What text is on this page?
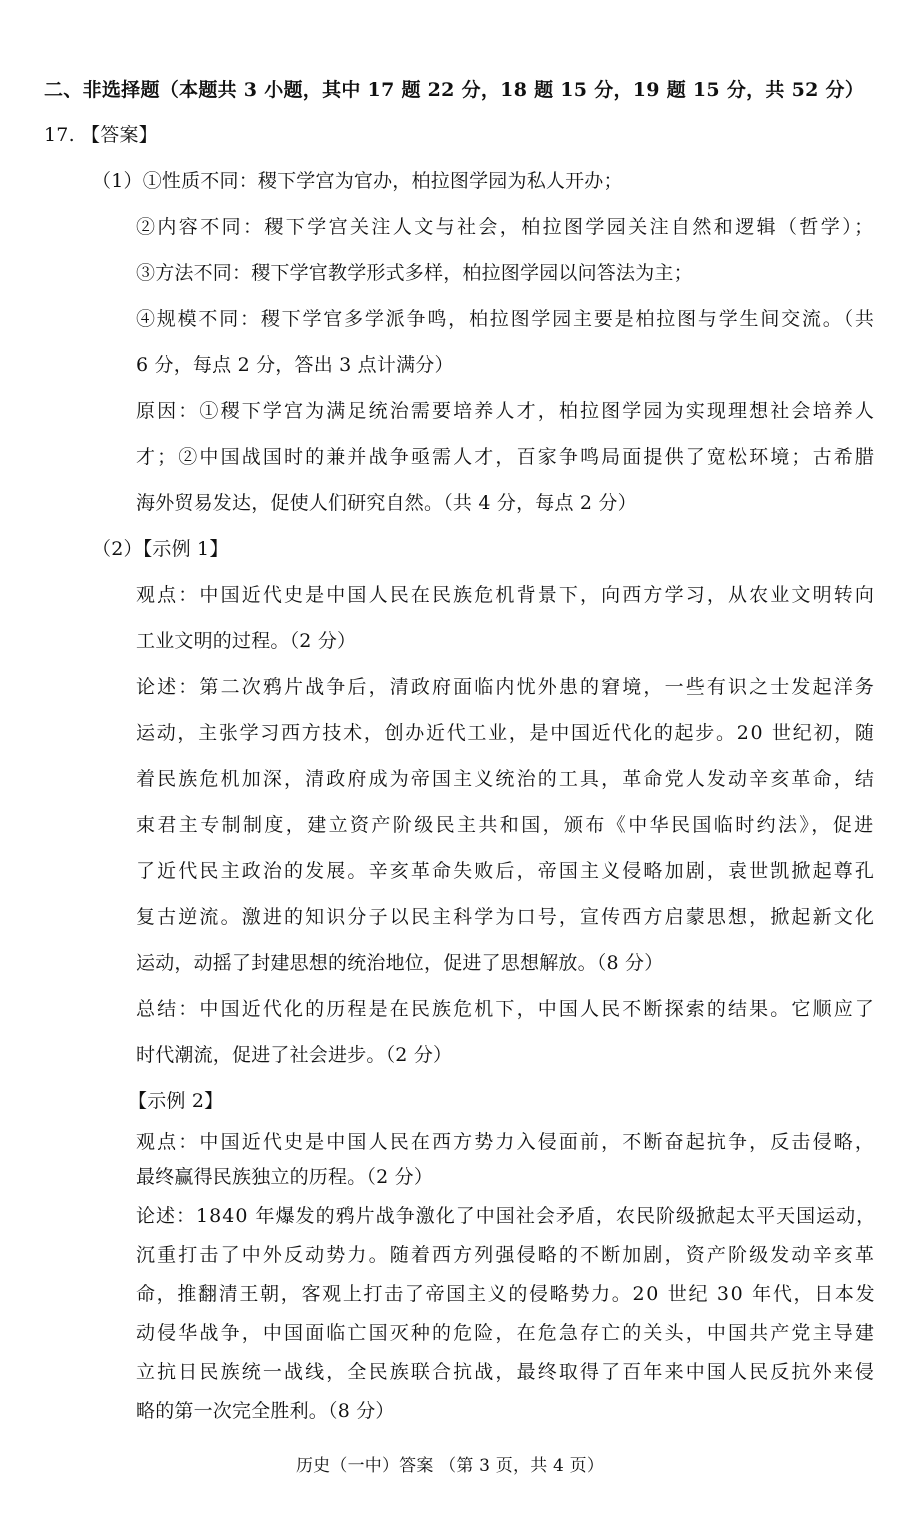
二、非选择题（本题共 3 小题，其中 17 题 22 分，18 题 15 分，19 题 15 分，共 52 分）
17. 【答案】
（1）①性质不同：稷下学宫为官办，柏拉图学园为私人开办；
②内容不同：稷下学宫关注人文与社会，柏拉图学园关注自然和逻辑（哲学）；
③方法不同：稷下学官教学形式多样，柏拉图学园以问答法为主；
④规模不同：稷下学官多学派争鸣，柏拉图学园主要是柏拉图与学生间交流。（共
6 分，每点 2 分，答出 3 点计满分）
原因：①稷下学宫为满足统治需要培养人才，柏拉图学园为实现理想社会培养人
才；②中国战国时的兼并战争亟需人才，百家争鸣局面提供了宽松环境；古希腊
海外贸易发达，促使人们研究自然。（共 4 分，每点 2 分）
（2）【示例 1】
观点：中国近代史是中国人民在民族危机背景下，向西方学习，从农业文明转向
工业文明的过程。（2 分）
论述：第二次鸦片战争后，清政府面临内忧外患的窘境，一些有识之士发起洋务
运动，主张学习西方技术，创办近代工业，是中国近代化的起步。20 世纪初，随
着民族危机加深，清政府成为帝国主义统治的工具，革命党人发动辛亥革命，结
束君主专制制度，建立资产阶级民主共和国，颁布《中华民国临时约法》，促进
了近代民主政治的发展。辛亥革命失败后，帝国主义侵略加剧，袁世凯掀起尊孔
复古逆流。激进的知识分子以民主科学为口号，宣传西方启蒙思想，掀起新文化
运动，动摇了封建思想的统治地位，促进了思想解放。（8 分）
总结：中国近代化的历程是在民族危机下，中国人民不断探索的结果。它顺应了
时代潮流，促进了社会进步。（2 分）
【示例 2】
观点：中国近代史是中国人民在西方势力入侵面前，不断奋起抗争，反击侵略，
最终赢得民族独立的历程。（2 分）
论述：1840 年爆发的鸦片战争激化了中国社会矛盾，农民阶级掀起太平天国运动，
沉重打击了中外反动势力。随着西方列强侵略的不断加剧，资产阶级发动辛亥革
命，推翻清王朝，客观上打击了帝国主义的侵略势力。20 世纪 30 年代，日本发
动侵华战争，中国面临亡国灭种的危险，在危急存亡的关头，中国共产党主导建
立抗日民族统一战线，全民族联合抗战，最终取得了百年来中国人民反抗外来侵
略的第一次完全胜利。（8 分）
历史（一中）答案 （第 3 页，共 4 页）
